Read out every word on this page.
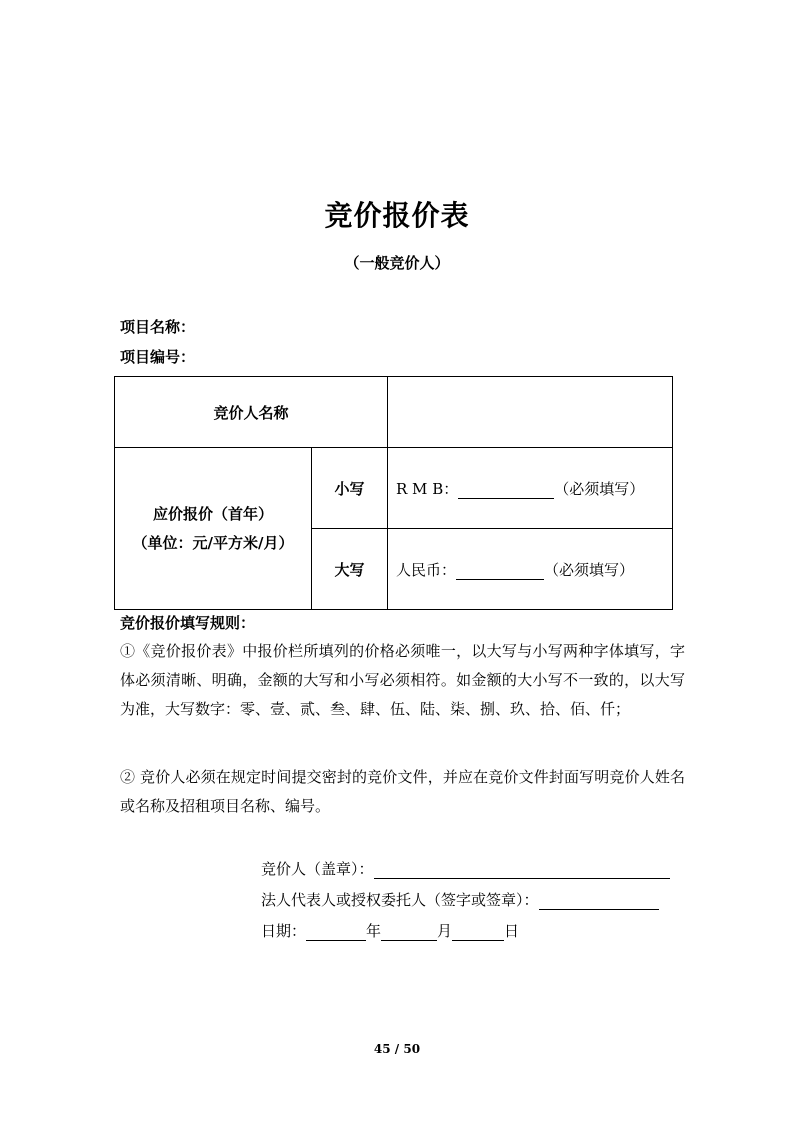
竞价报价表
（一般竞价人）
项目名称：
项目编号：
竞价人名称		

应价报价（首年）
（单位：元/平方米/月）	小写	R M B： （必须填写）
	大写	人民币： （必须填写）
竞价报价填写规则：
①《竞价报价表》中报价栏所填列的价格必须唯一，以大写与小写两种字体填写，字体必须清晰、明确，金额的大写和小写必须相符。如金额的大小写不一致的，以大写为准，大写数字：零、壹、贰、叁、肆、伍、陆、柒、捌、玖、拾、佰、仟；
② 竞价人必须在规定时间提交密封的竞价文件，并应在竞价文件封面写明竞价人姓名或名称及招租项目名称、编号。
竞价人（盖章）：
法人代表人或授权委托人（签字或签章）：
日期：	年	月	日
45 / 50
